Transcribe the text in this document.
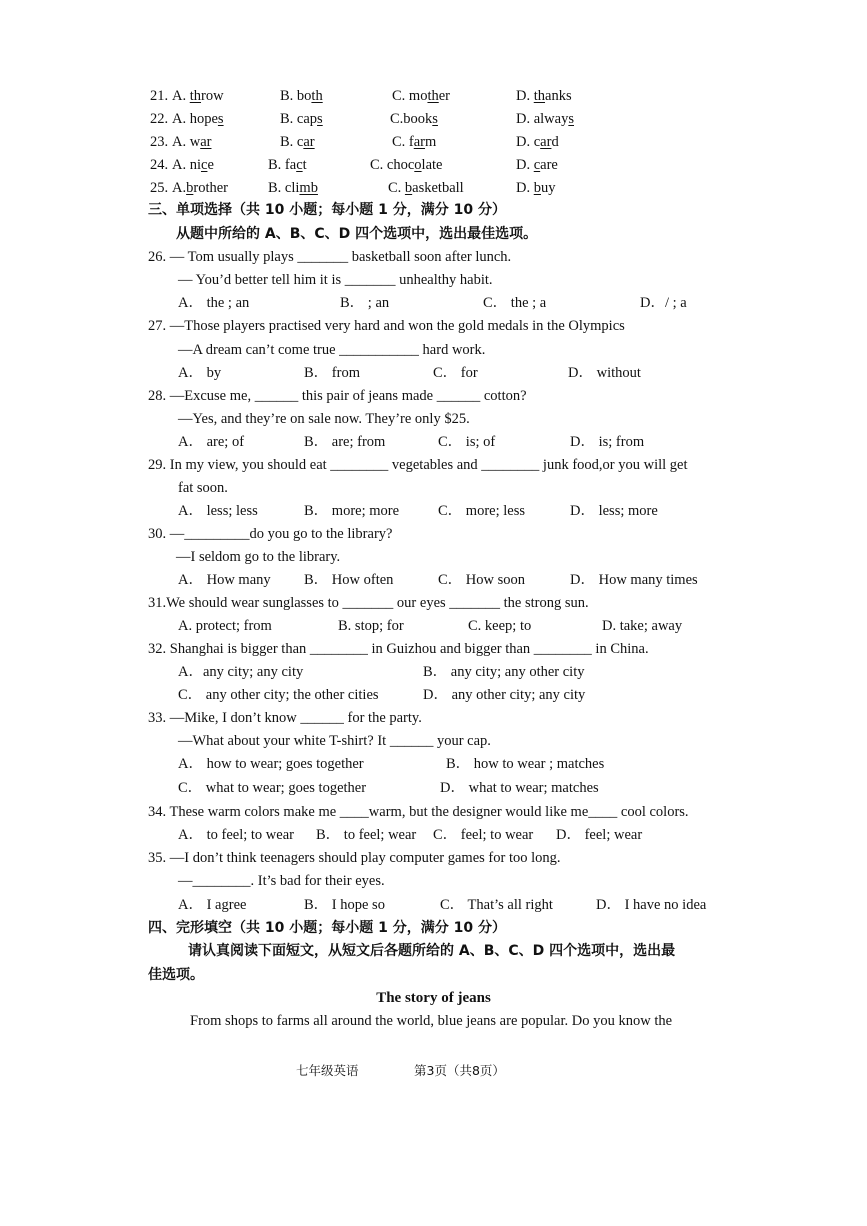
21. A. throw	B. both	C. mother	D. thanks
22. A. hopes	B. caps	C.books	D. always
23. A. war	B. car	C. farm	D. card
24. A. nice	B. fact	C. chocolate	D. care
25. A.brother	B. climb	C. basketball	D. buy
三、单项选择（共 10 小题；每小题 1 分，满分 10 分）
从题中所给的 A、B、C、D 四个选项中，选出最佳选项。
26. — Tom usually plays _______ basketball soon after lunch.
— You’d better tell him it is _______ unhealthy habit.
A． the ; an	B． ; an	C． the ; a	D．/ ; a
27. —Those players practised very hard and won the gold medals in the Olympics
—A dream can’t come true ___________ hard work.
A． by	B． from	C． for	D． without
28. —Excuse me, ______ this pair of jeans made ______ cotton?
—Yes, and they’re on sale now. They’re only $25.
A． are; of	B． are; from	C． is; of	D． is; from
29. In my view, you should eat ________ vegetables and ________ junk food,or you will get
fat soon.
A． less; less	B． more; more	C． more; less	D． less; more
30. —_________do you go to the library?
—I seldom go to the library.
A． How many B． How often	C． How soon	D． How many times
31.We should wear sunglasses to _______ our eyes _______ the strong sun.
A. protect; from	B. stop; for	C. keep; to	D. take; away
32. Shanghai is bigger than ________ in Guizhou and bigger than ________ in China.
A．any city; any city	B． any city; any other city
C． any other city; the other cities	D． any other city; any city
33. —Mike, I don’t know ______ for the party.
—What about your white T-shirt? It ______ your cap.
A． how to wear; goes together	B． how to wear ; matches
C． what to wear; goes together	D． what to wear; matches
34. These warm colors make me ____warm, but the designer would like me____ cool colors.
A． to feel; to wear B． to feel; wear C． feel; to wear D． feel; wear
35. —I don’t think teenagers should play computer games for too long.
—________. It’s bad for their eyes.
A． I agree	B． I hope so	C． That’s all right	D． I have no idea
四、完形填空（共 10 小题；每小题 1 分，满分 10 分）
请认真阅读下面短文，从短文后各题所给的 A、B、C、D 四个选项中，选出最
佳选项。
The story of jeans
From shops to farms all around the world, blue jeans are popular. Do you know the
七年级英语	第3页（共8页）
